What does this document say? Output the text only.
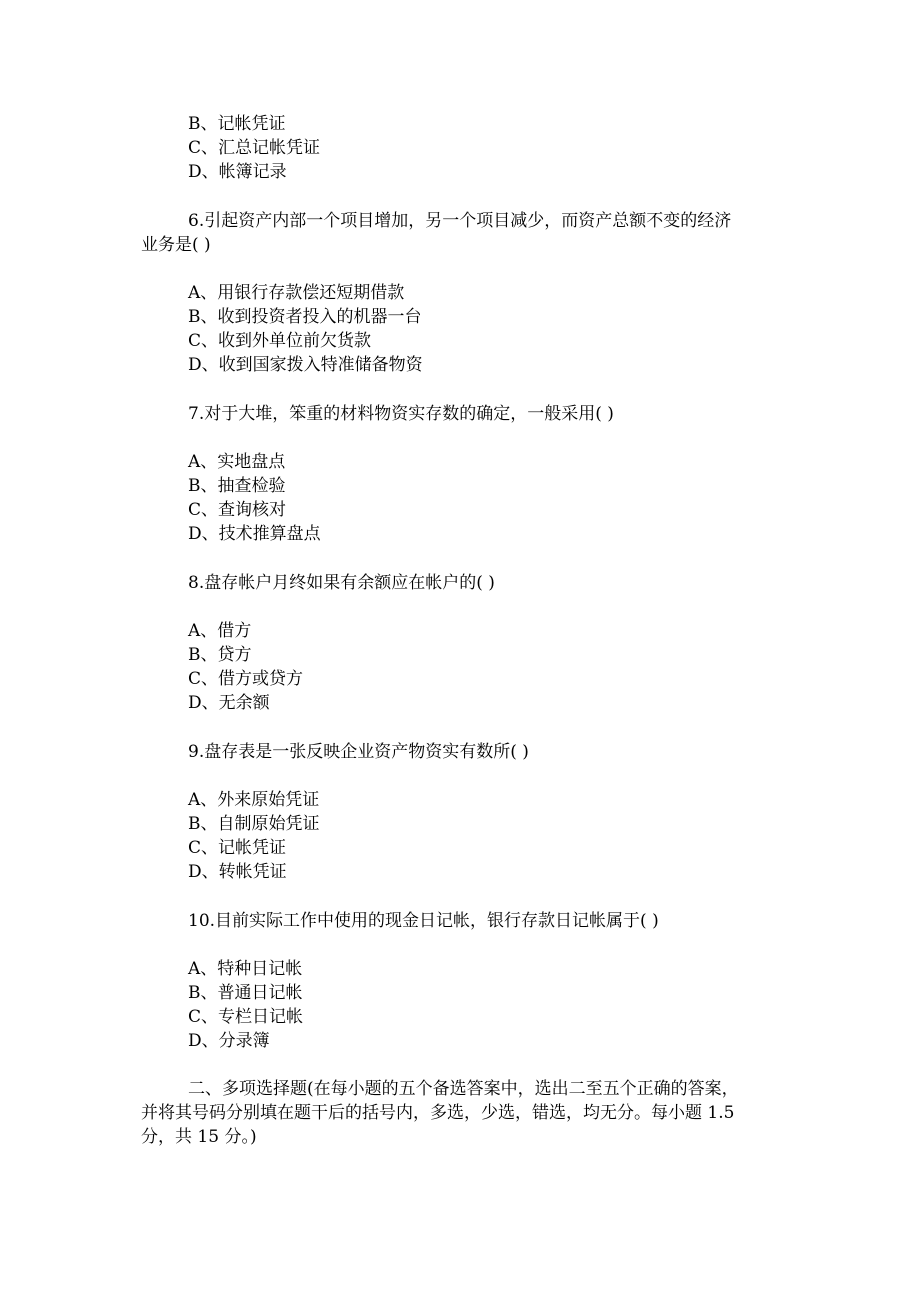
B、记帐凭证
C、汇总记帐凭证
D、帐簿记录
6.引起资产内部一个项目增加，另一个项目减少，而资产总额不变的经济
业务是( )
A、用银行存款偿还短期借款
B、收到投资者投入的机器一台
C、收到外单位前欠货款
D、收到国家拨入特准储备物资
7.对于大堆，笨重的材料物资实存数的确定，一般采用( )
A、实地盘点
B、抽查检验
C、查询核对
D、技术推算盘点
8.盘存帐户月终如果有余额应在帐户的( )
A、借方
B、贷方
C、借方或贷方
D、无余额
9.盘存表是一张反映企业资产物资实有数所( )
A、外来原始凭证
B、自制原始凭证
C、记帐凭证
D、转帐凭证
10.目前实际工作中使用的现金日记帐，银行存款日记帐属于( )
A、特种日记帐
B、普通日记帐
C、专栏日记帐
D、分录簿
二、多项选择题(在每小题的五个备选答案中，选出二至五个正确的答案，
并将其号码分别填在题干后的括号内，多选，少选，错选，均无分。每小题 1.5
分，共 15 分。)
